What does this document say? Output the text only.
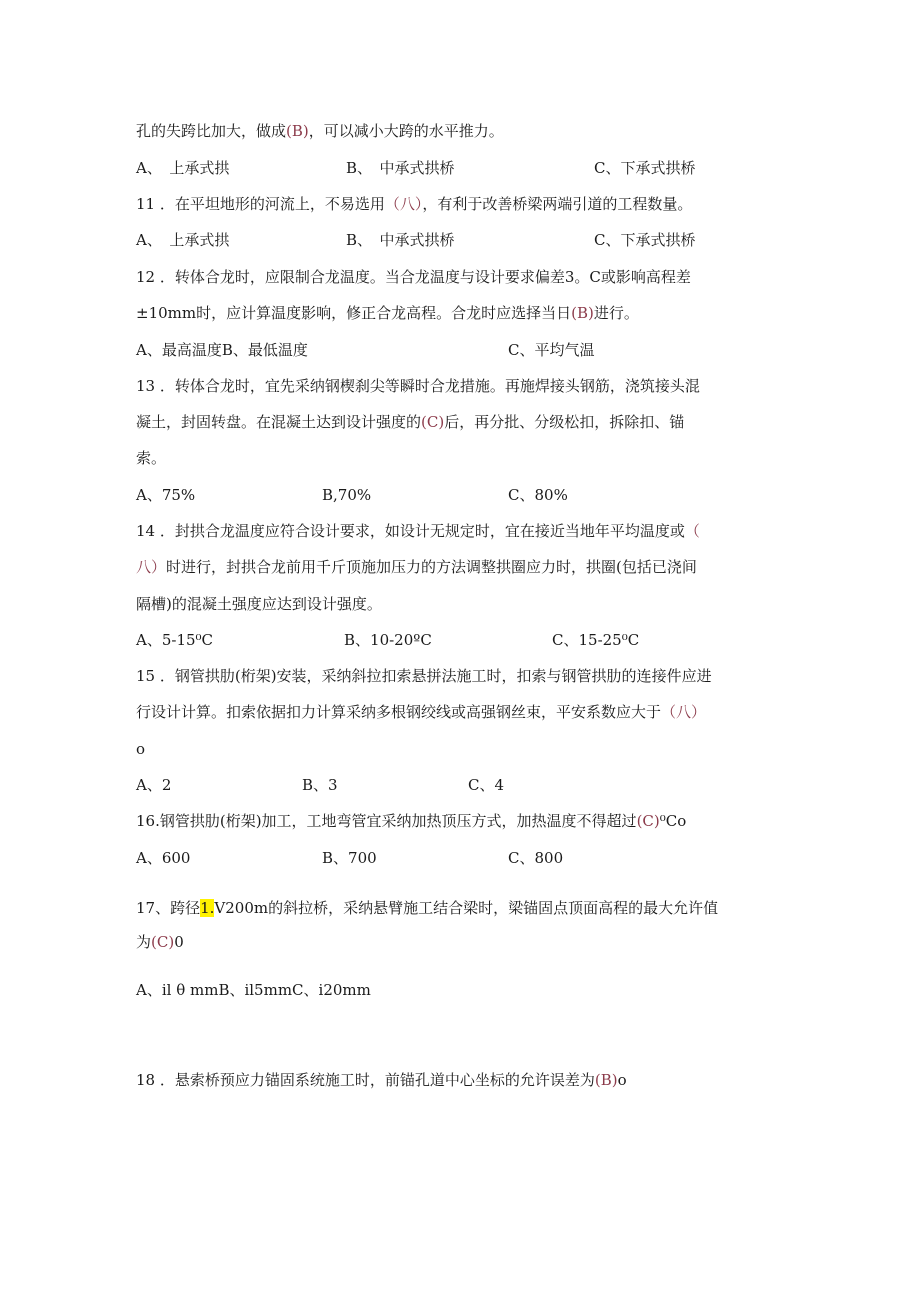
孔的失跨比加大，做成(B)，可以减小大跨的水平推力。
A、　上承式拱	B、　中承式拱桥	C、下承式拱桥
11 ．在平坦地形的河流上，不易选用（八），有利于改善桥梁两端引道的工程数量。
A、　上承式拱	B、　中承式拱桥	C、下承式拱桥
12 ．转体合龙时，应限制合龙温度。当合龙温度与设计要求偏差3。C或影响高程差
±10mm时，应计算温度影响，修正合龙高程。合龙时应选择当日(B)进行。
A、最高温度B、最低温度	C、平均气温
13 ．转体合龙时，宜先采纳钢楔刹尖等瞬时合龙措施。再施焊接头钢筋，浇筑接头混
凝土，封固转盘。在混凝土达到设计强度的(C)后，再分批、分级松扣，拆除扣、锚
索。
A、75%	B,70%	C、80%
14 ．封拱合龙温度应符合设计要求，如设计无规定时，宜在接近当地年平均温度或（
八）时进行，封拱合龙前用千斤顶施加压力的方法调整拱圈应力时，拱圈(包括已浇间
隔槽)的混凝土强度应达到设计强度。
A、5-15⁰C	B、10-20ºC	C、15-25⁰C
15 ．钢管拱肋(桁架)安装，采纳斜拉扣索悬拼法施工时，扣索与钢管拱肋的连接件应进
行设计计算。扣索依据扣力计算采纳多根钢绞线或高强钢丝束，平安系数应大于（八）
o
A、2	B、3	C、4
16.钢管拱肋(桁架)加工，工地弯管宜采纳加热顶压方式，加热温度不得超过(C)⁰Co
A、600	B、700	C、800
17、跨径1.V200m的斜拉桥，采纳悬臂施工结合梁时，梁锚固点顶面高程的最大允许值
为(C)0
A、il θ mmB、il5mmC、i20mm
18 ．悬索桥预应力锚固系统施工时，前锚孔道中心坐标的允许误差为(B)o
